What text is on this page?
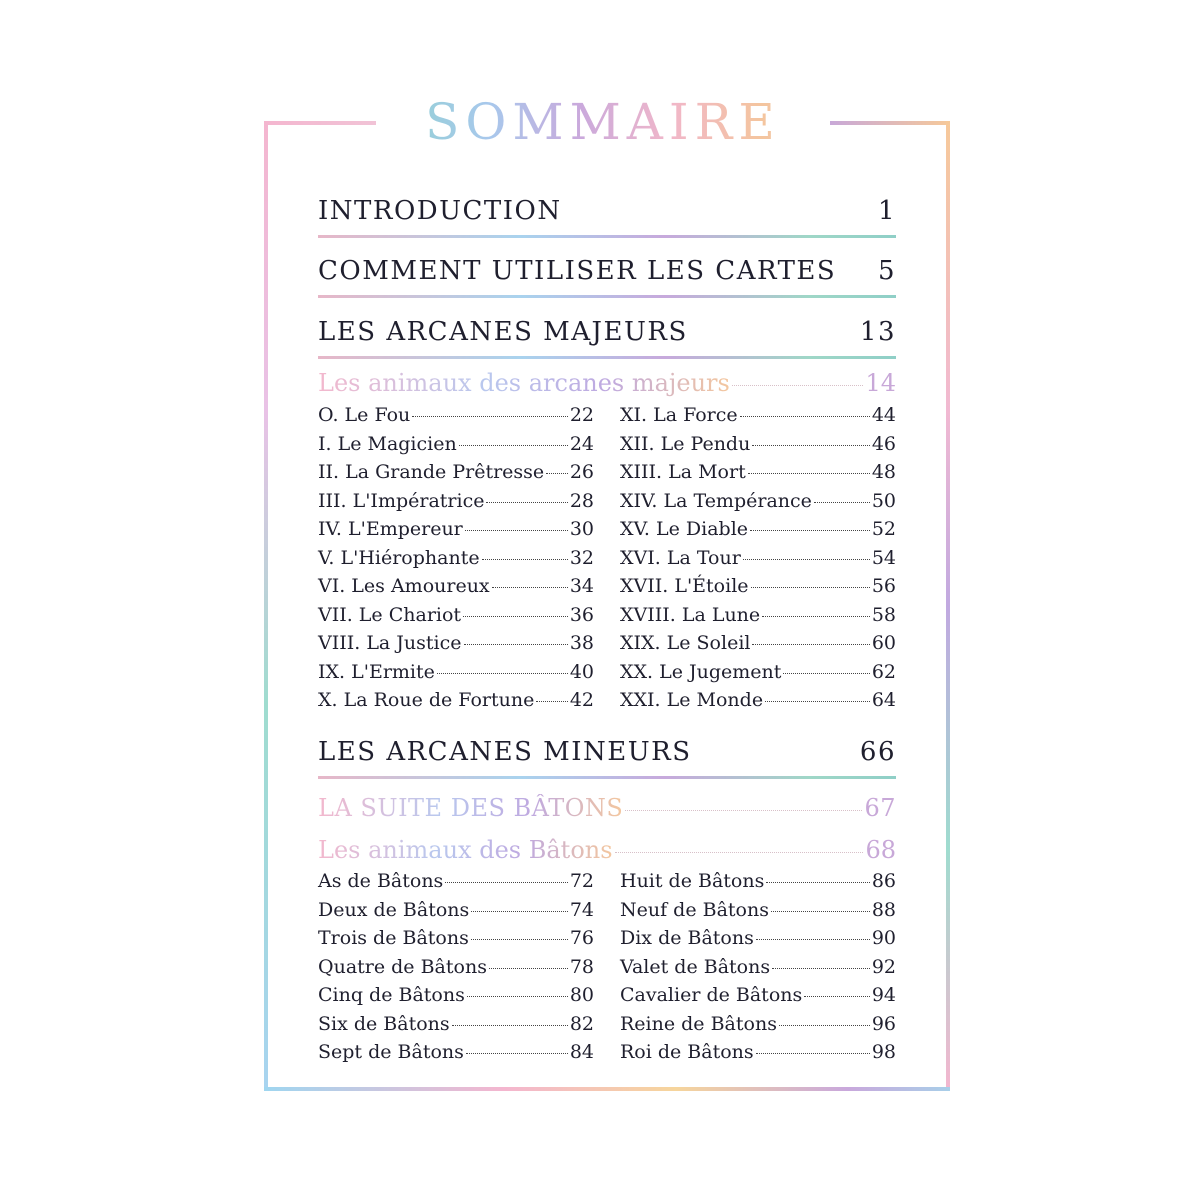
SOMMAIRE
INTRODUCTION	1
COMMENT UTILISER LES CARTES 5
LES ARCANES MAJEURS	13
Les animaux des arcanes majeurs	14
O. Le Fou	22
I. Le Magicien	24
II. La Grande Prêtresse 26
III. L'Impératrice	28
IV. L'Empereur	30
V. L'Hiérophante	32
VI. Les Amoureux	34
VII. Le Chariot	36
VIII. La Justice	38
IX. L'Ermite	40
X. La Roue de Fortune 42
XI. La Force	44
XII. Le Pendu	46
XIII. La Mort	48
XIV. La Tempérance	50
XV. Le Diable	52
XVI. La Tour	54
XVII. L'Étoile	56
XVIII. La Lune	58
XIX. Le Soleil	60
XX. Le Jugement	62
XXI. Le Monde	64
LES ARCANES MINEURS	66
LA SUITE DES BÂTONS	67
Les animaux des Bâtons	68
As de Bâtons	72
Deux de Bâtons	74
Trois de Bâtons	76
Quatre de Bâtons	78
Cinq de Bâtons	80
Six de Bâtons	82
Sept de Bâtons	84
Huit de Bâtons	86
Neuf de Bâtons	88
Dix de Bâtons	90
Valet de Bâtons	92
Cavalier de Bâtons	94
Reine de Bâtons	96
Roi de Bâtons	98
